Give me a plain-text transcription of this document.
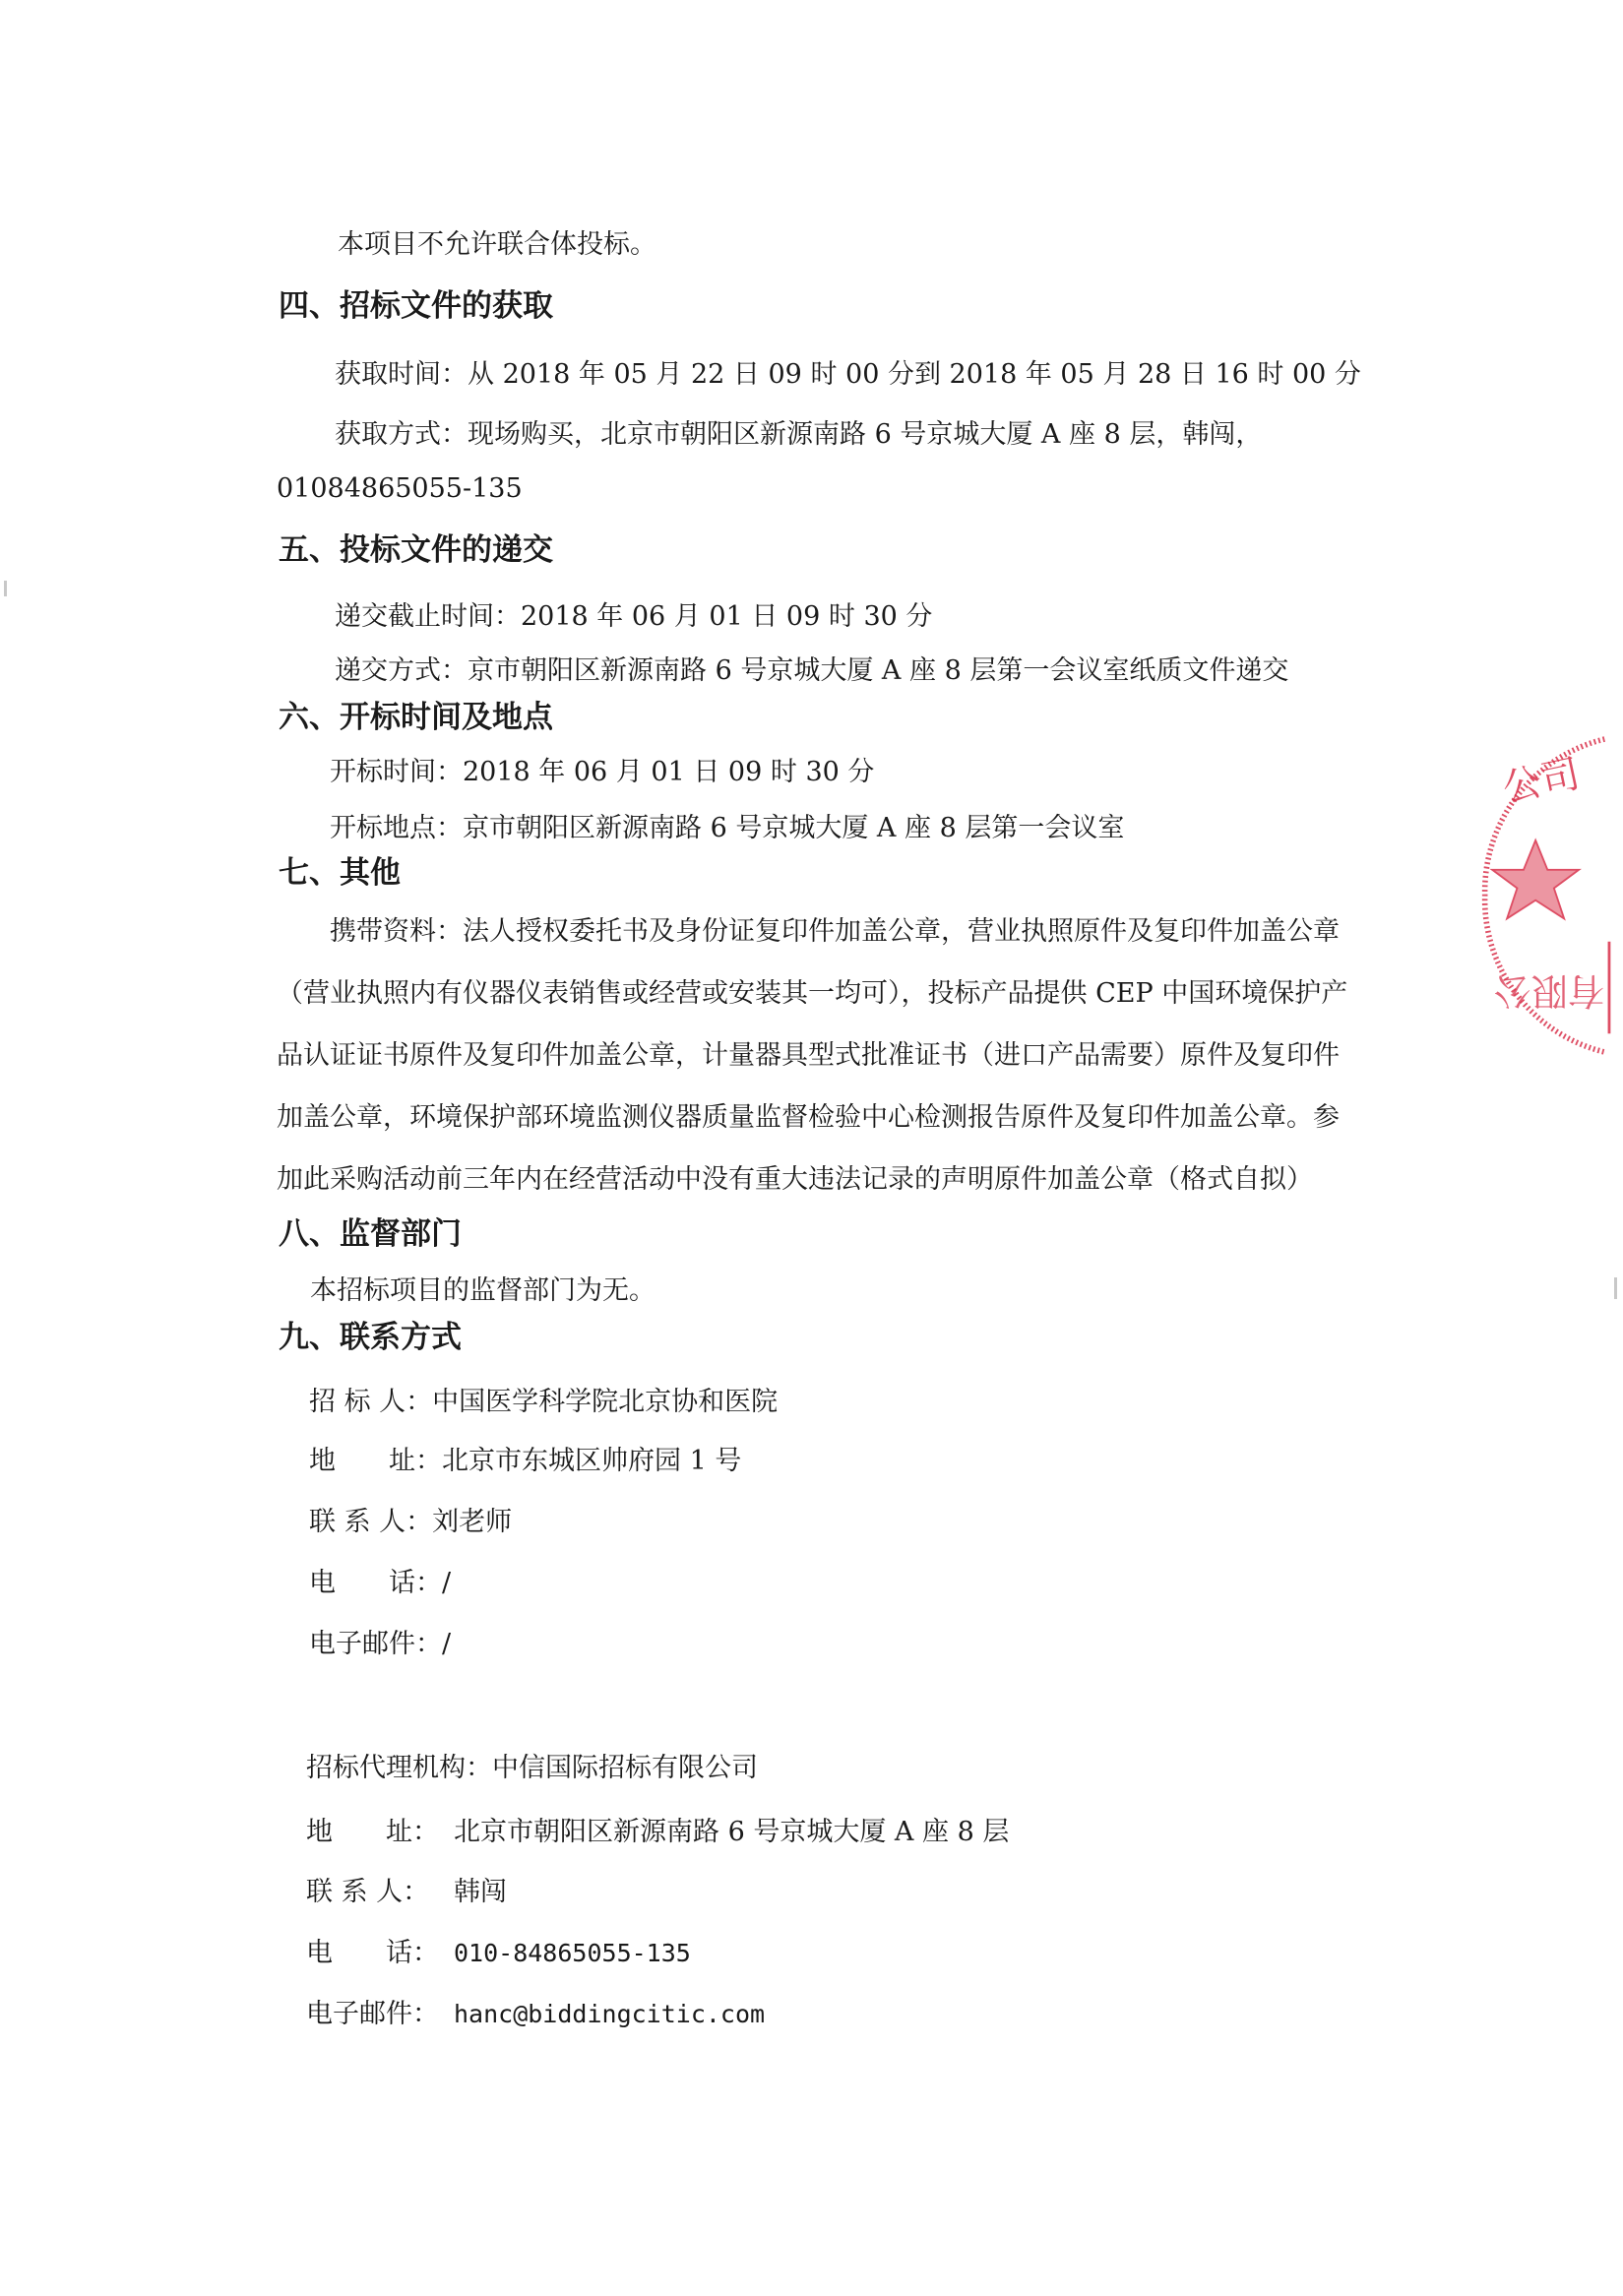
本项目不允许联合体投标。
四、招标文件的获取
获取时间：从 2018 年 05 月 22 日 09 时 00 分到 2018 年 05 月 28 日 16 时 00 分
获取方式：现场购买，北京市朝阳区新源南路 6 号京城大厦 A 座 8 层，韩闯，
01084865055-135
五、投标文件的递交
递交截止时间：2018 年 06 月 01 日 09 时 30 分
递交方式：京市朝阳区新源南路 6 号京城大厦 A 座 8 层第一会议室纸质文件递交
六、开标时间及地点
开标时间：2018 年 06 月 01 日 09 时 30 分
开标地点：京市朝阳区新源南路 6 号京城大厦 A 座 8 层第一会议室
七、其他
携带资料：法人授权委托书及身份证复印件加盖公章，营业执照原件及复印件加盖公章
（营业执照内有仪器仪表销售或经营或安装其一均可），投标产品提供 CEP 中国环境保护产
品认证证书原件及复印件加盖公章，计量器具型式批准证书（进口产品需要）原件及复印件
加盖公章，环境保护部环境监测仪器质量监督检验中心检测报告原件及复印件加盖公章。参
加此采购活动前三年内在经营活动中没有重大违法记录的声明原件加盖公章（格式自拟）
八、监督部门
本招标项目的监督部门为无。
九、联系方式
招 标 人：中国医学科学院北京协和医院
地　　址：北京市东城区帅府园 1 号
联 系 人：刘老师
电　　话：/
电子邮件：/
招标代理机构：中信国际招标有限公司
地　　址： 北京市朝阳区新源南路 6 号京城大厦 A 座 8 层
联 系 人： 韩闯
电　　话： 010-84865055-135
电子邮件： hanc@biddingcitic.com
公司
有限公
